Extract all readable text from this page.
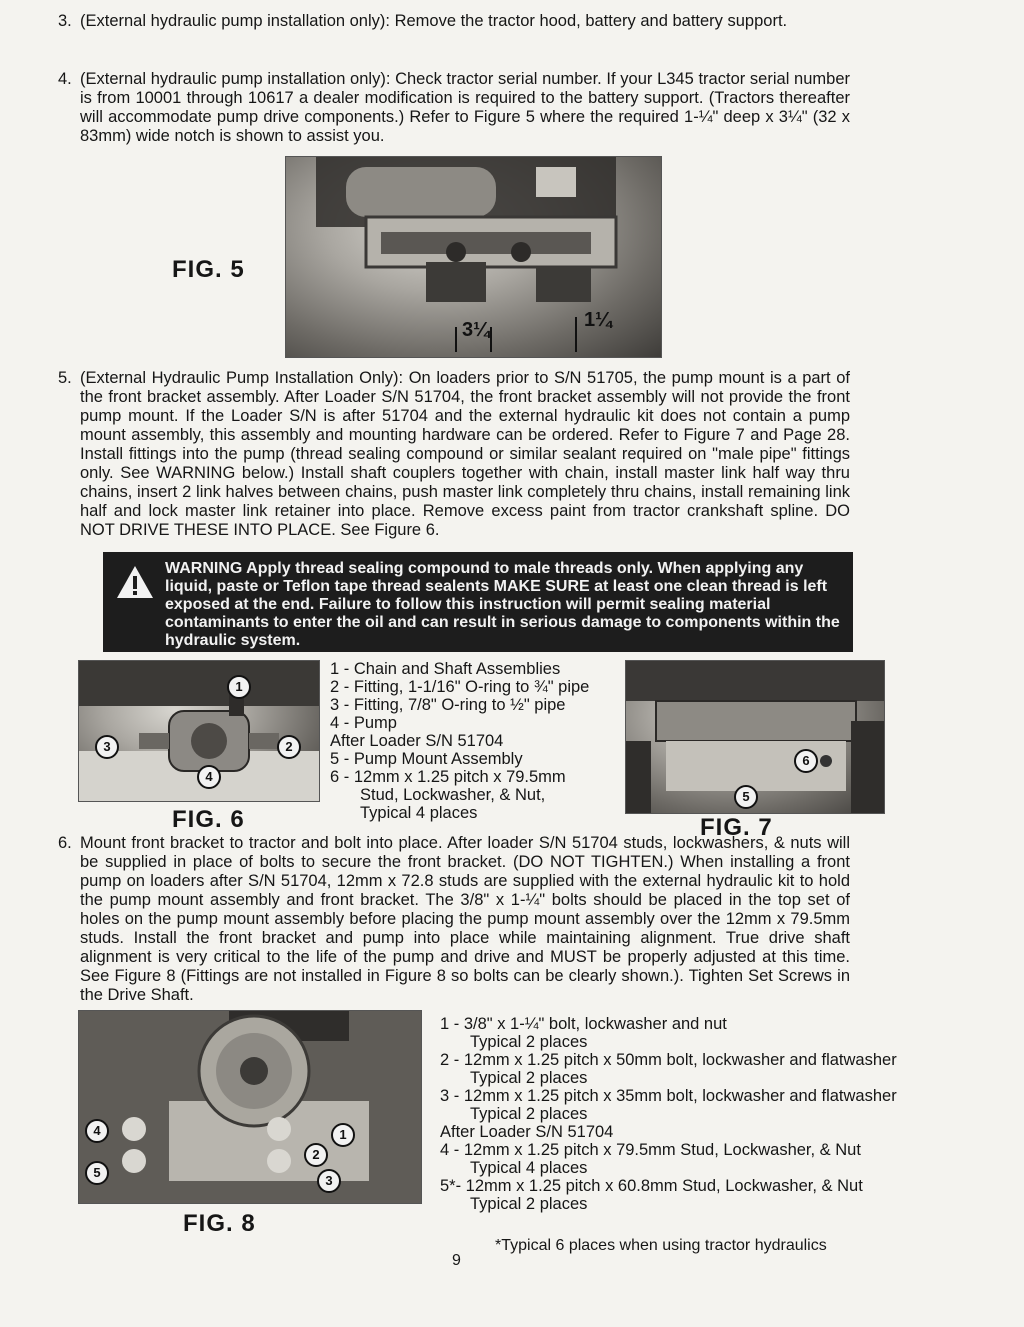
3. (External hydraulic pump installation only): Remove the tractor hood, battery and battery support.

4. (External hydraulic pump installation only): Check tractor serial number. If your L345 tractor serial number is from 10001 through 10617 a dealer modification is required to the battery support. (Tractors thereafter will accommodate pump drive components.) Refer to Figure 5 where the required 1-¼" deep x 3¼" (32 x 83mm) wide notch is shown to assist you.

FIG. 5
3¼	1¼

5. (External Hydraulic Pump Installation Only): On loaders prior to S/N 51705, the pump mount is a part of the front bracket assembly. After Loader S/N 51704, the front bracket assembly will not provide the front pump mount. If the Loader S/N is after 51704 and the external hydraulic kit does not contain a pump mount assembly, this assembly and mounting hardware can be ordered. Refer to Figure 7 and Page 28. Install fittings into the pump (thread sealing compound or similar sealant required on "male pipe" fittings only. See WARNING below.) Install shaft couplers together with chain, install master link half way thru chains, insert 2 link halves between chains, push master link completely thru chains, install remaining link half and lock master link retainer into place. Remove excess paint from tractor crankshaft spline. DO NOT DRIVE THESE INTO PLACE. See Figure 6.

WARNING Apply thread sealing compound to male threads only. When applying any liquid, paste or Teflon tape thread sealents MAKE SURE at least one clean thread is left exposed at the end. Failure to follow this instruction will permit sealing material contaminants to enter the oil and can result in serious damage to components within the hydraulic system.
1
2
3
4
FIG. 6
1 - Chain and Shaft Assemblies
2 - Fitting, 1-1/16" O-ring to ¾" pipe
3 - Fitting, 7/8" O-ring to ½" pipe
4 - Pump
After Loader S/N 51704
5 - Pump Mount Assembly
6 - 12mm x 1.25 pitch x 79.5mm
Stud, Lockwasher, & Nut,
Typical 4 places
6
5
FIG. 7

6. Mount front bracket to tractor and bolt into place. After loader S/N 51704 studs, lockwashers, & nuts will be supplied in place of bolts to secure the front bracket. (DO NOT TIGHTEN.) When installing a front pump on loaders after S/N 51704, 12mm x 72.8 studs are supplied with the external hydraulic kit to hold the pump mount assembly and front bracket. The 3/8" x 1-¼" bolts should be placed in the top set of holes on the pump mount assembly before placing the pump mount assembly over the 12mm x 79.5mm studs. Install the front bracket and pump into place while maintaining alignment. True drive shaft alignment is very critical to the life of the pump and drive and MUST be properly adjusted at this time. See Figure 8 (Fittings are not installed in Figure 8 so bolts can be clearly shown.). Tighten Set Screws in the Drive Shaft.

1
2
3
4
5
FIG. 8
1 - 3/8" x 1-¼" bolt, lockwasher and nut
Typical 2 places
2 - 12mm x 1.25 pitch x 50mm bolt, lockwasher and flatwasher
Typical 2 places
3 - 12mm x 1.25 pitch x 35mm bolt, lockwasher and flatwasher
Typical 2 places
After Loader S/N 51704
4 - 12mm x 1.25 pitch x 79.5mm Stud, Lockwasher, & Nut
Typical 4 places
5*- 12mm x 1.25 pitch x 60.8mm Stud, Lockwasher, & Nut
Typical 2 places
*Typical 6 places when using tractor hydraulics
9
